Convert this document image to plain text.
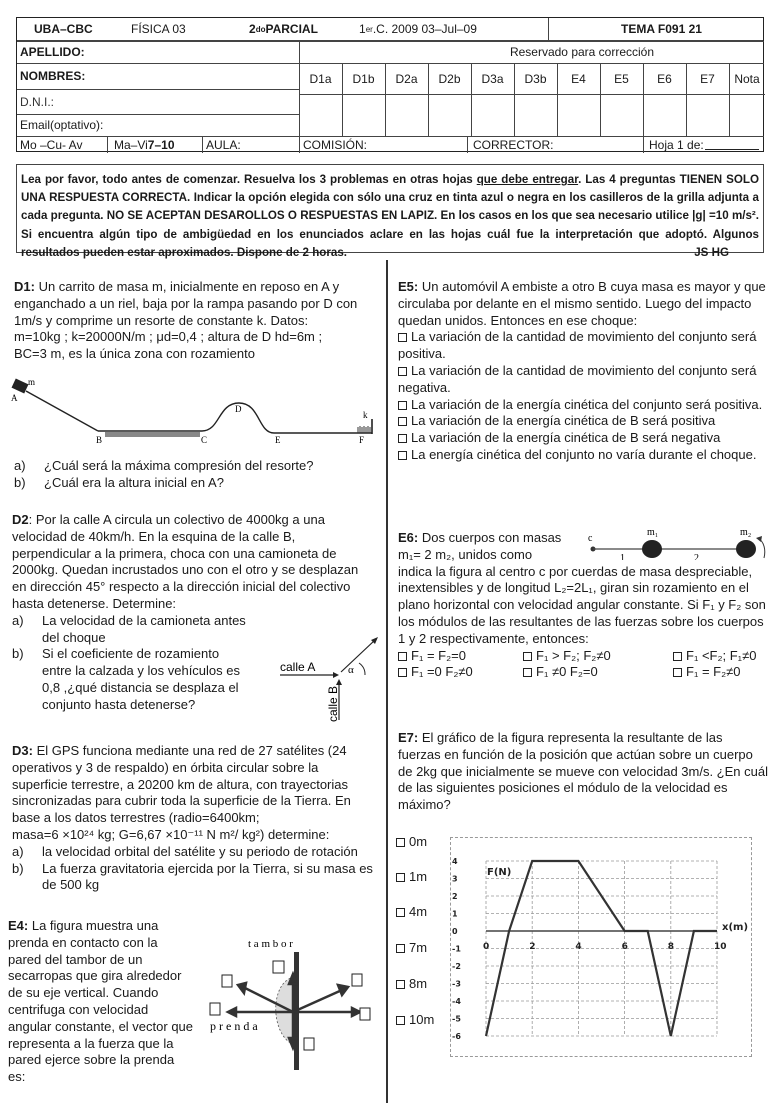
UBA–CBC	FÍSICA 03	2 do PARCIAL	1 er .C. 2009 03–Jul–09	TEMA F091 21
APELLIDO:	Reservado para corrección
NOMBRES:
D.N.I.:
Email(optativo):
D1a	D1b	D2a	D2b	D3a	D3b	E4	E5	E6	E7	Nota
Mo –Cu- Av	Ma–Vi 7–10	AULA:	COMISIÓN:	CORRECTOR:	Hoja 1 de:
Lea por favor, todo antes de comenzar. Resuelva los 3 problemas en otras hojas que debe entregar. Las 4 preguntas TIENEN SOLO UNA RESPUESTA CORRECTA. Indicar la opción elegida con sólo una cruz en tinta azul o negra en los casilleros de la grilla adjunta a cada pregunta. NO SE ACEPTAN DESAROLLOS O RESPUESTAS EN LAPIZ. En los casos en los que sea necesario utilice |g| =10 m/s². Si encuentra algún tipo de ambigüedad en los enunciados aclare en las hojas cuál fue la interpretación que adoptó. Algunos resultados pueden estar aproximados. Dispone de 2 horas.	JS HG

D1: Un carrito de masa m, inicialmente en reposo en A y enganchado a un riel, baja por la rampa pasando por D con 1m/s y comprime un resorte de constante k. Datos:

m=10kg ; k=20000N/m ; μd=0,4 ; altura de D hd=6m ;

BC=3 m, es la única zona con rozamiento

m
A
B	C
D
E	F
k
a)	¿Cuál será la máxima compresión del resorte?
b)	¿Cuál era la altura inicial en A?

D2: Por la calle A circula un colectivo de 4000kg a una velocidad de 40km/h. En la esquina de la calle B, perpendicular a la primera, choca con una camioneta de 2000kg. Quedan incrustados uno con el otro y se desplazan en dirección 45° respecto a la dirección inicial del colectivo hasta detenerse. Determine:

a)	La velocidad de la camioneta antes del choque
b)	Si el coeficiente de rozamiento entre la calzada y los vehículos es 0,8 ,¿qué distancia se desplaza el conjunto hasta detenerse?
calle A
calle B
α

D3: El GPS funciona mediante una red de 27 satélites (24 operativos y 3 de respaldo) en órbita circular sobre la superficie terrestre, a 20200 km de altura, con trayectorias sincronizadas para cubrir toda la superficie de la Tierra. En base a los datos terrestres (radio=6400km;

masa=6 ×10²⁴ kg; G=6,67 ×10⁻¹¹ N m²/ kg²) determine:

a)	la velocidad orbital del satélite y su periodo de rotación
b)	La fuerza gravitatoria ejercida por la Tierra, si su masa es de 500 kg

E4: La figura muestra una prenda en contacto con la pared del tambor de un secarropas que gira alrededor de su eje vertical. Cuando centrifuga con velocidad angular constante, el vector que representa a la fuerza que la pared ejerce sobre la prenda es:

t a m b o r
p r e n d a

E5: Un automóvil A embiste a otro B cuya masa es mayor y que circulaba por delante en el mismo sentido. Luego del impacto quedan unidos. Entonces en ese choque:

La variación de la cantidad de movimiento del conjunto será positiva.
La variación de la cantidad de movimiento del conjunto será negativa.
La variación de la energía cinética del conjunto será positiva.
La variación de la energía cinética de B será positiva
La variación de la energía cinética de B será negativa
La energía cinética del conjunto no varía durante el choque.

E6: Dos cuerpos con masas

m₁= 2 m₂, unidos como

indica la figura al centro c por cuerdas de masa despreciable, inextensibles y de longitud L₂=2L₁, giran sin rozamiento en el plano horizontal con velocidad angular constante. Si F₁ y F₂ son los módulos de las resultantes de las fuerzas sobre los cuerpos 1 y 2 respectivamente, entonces:

F₁ = F₂=0	F₁ > F₂; F₂≠0	F₁ <F₂; F₁≠0
F₁ =0 F₂≠0	F₁ ≠0 F₂=0	F₁ = F₂≠0
c
m₁	m₂
1	2

E7: El gráfico de la figura representa la resultante de las fuerzas en función de la posición que actúan sobre un cuerpo de 2kg que inicialmente se mueve con velocidad 3m/s. ¿En cuál de las siguientes posiciones el módulo de la velocidad es máximo?

0m
1m
4m
7m
8m
10m
4
3
2
1
0
-1
-2
-3
-4
-5
-6
0	2	4	6	8	10
F(N)
x(m)
